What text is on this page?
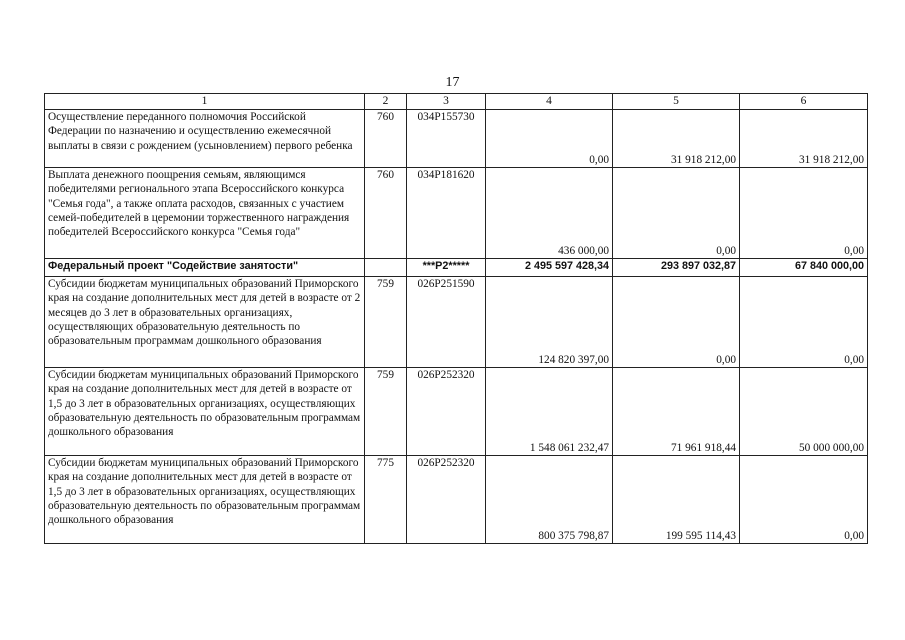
17
1	2	3	4	5	6
Осуществление переданного полномочия Российской Федерации по назначению и осуществлению ежемесячной выплаты в связи с рождением (усыновлением) первого ребенка	760	034P155730	0,00	31 918 212,00	31 918 212,00
Выплата денежного поощрения семьям, являющимся победителями регионального этапа Всероссийского конкурса "Семья года", а также оплата расходов, связанных с участием семей-победителей в церемонии торжественного награждения победителей Всероссийского конкурса "Семья года"	760	034P181620	436 000,00	0,00	0,00
Федеральный проект "Содействие занятости"		***P2*****	2 495 597 428,34	293 897 032,87	67 840 000,00
Субсидии бюджетам муниципальных образований Приморского края на создание дополнительных мест для детей в возрасте от 2 месяцев до 3 лет в образовательных организациях, осуществляющих образовательную деятельность по образовательным программам дошкольного образования	759	026P251590	124 820 397,00	0,00	0,00
Субсидии бюджетам муниципальных образований Приморского края на создание дополнительных мест для детей в возрасте от 1,5 до 3 лет в образовательных организациях, осуществляющих образовательную деятельность по образовательным программам дошкольного образования	759	026P252320	1 548 061 232,47	71 961 918,44	50 000 000,00
Субсидии бюджетам муниципальных образований Приморского края на создание дополнительных мест для детей в возрасте от 1,5 до 3 лет в образовательных организациях, осуществляющих образовательную деятельность по образовательным программам дошкольного образования	775	026P252320	800 375 798,87	199 595 114,43	0,00
